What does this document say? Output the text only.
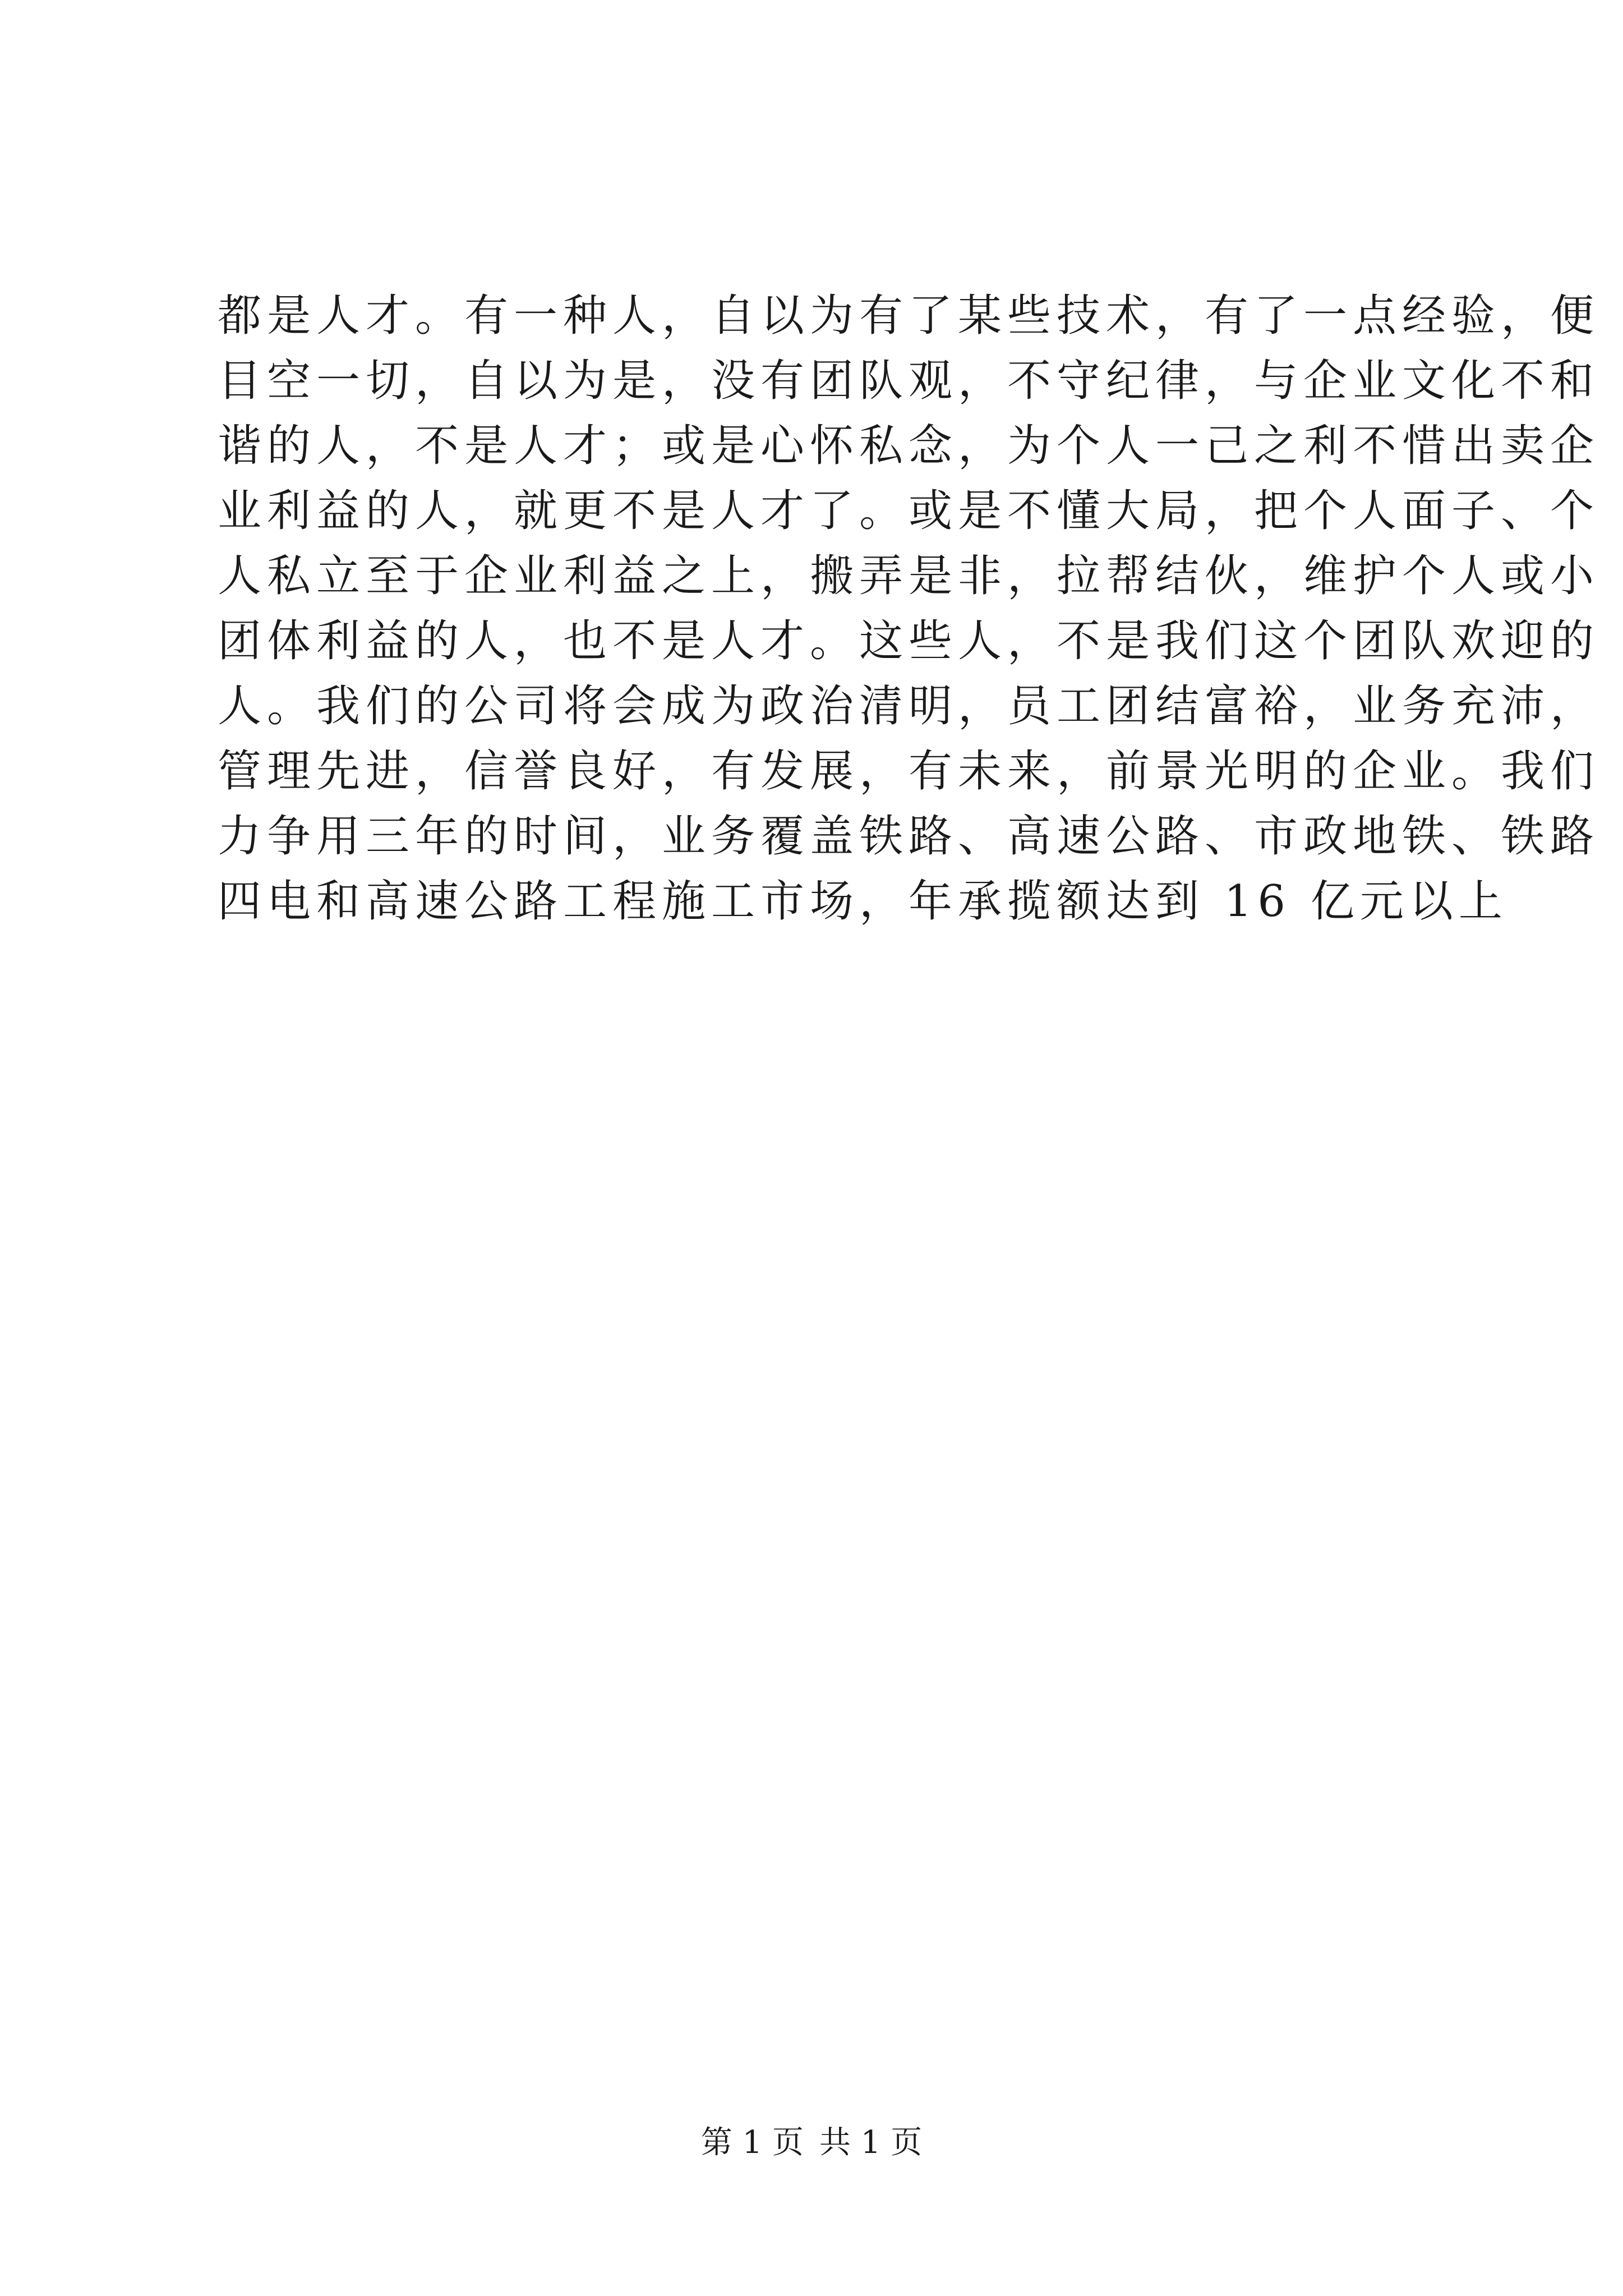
都是人才。有一种人，自以为有了某些技术，有了一点经验，便
目空一切，自以为是，没有团队观，不守纪律，与企业文化不和
谐的人，不是人才；或是心怀私念，为个人一己之利不惜出卖企
业利益的人，就更不是人才了。或是不懂大局，把个人面子、个
人私立至于企业利益之上，搬弄是非，拉帮结伙，维护个人或小
团体利益的人，也不是人才。这些人，不是我们这个团队欢迎的
人。我们的公司将会成为政治清明，员工团结富裕，业务充沛，
管理先进，信誉良好，有发展，有未来，前景光明的企业。我们
力争用三年的时间，业务覆盖铁路、高速公路、市政地铁、铁路
四电和高速公路工程施工市场，年承揽额达到 16 亿元以上
第 1 页 共 1 页
